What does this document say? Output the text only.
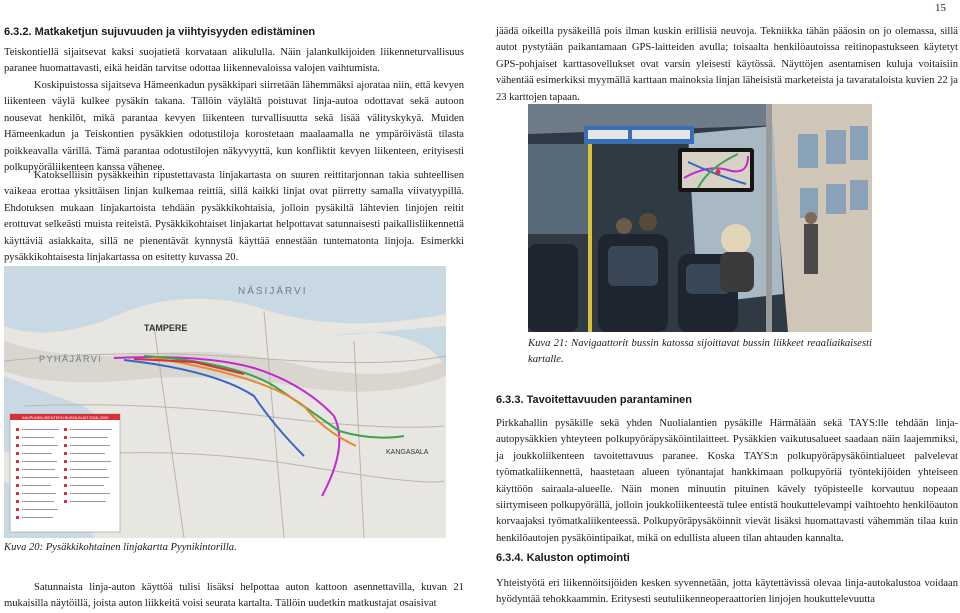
15
6.3.2. Matkaketjun sujuvuuden ja viihtyisyyden edistäminen

Teiskontiellä sijaitsevat kaksi suojatietä korvataan alikululla. Näin jalankulkijoiden liikenneturvallisuus paranee huomattavasti, eikä heidän tarvitse odottaa liikennevaloissa valojen vaihtumista.

Koskipuistossa sijaitseva Hämeenkadun pysäkkipari siirretään lähemmäksi ajorataa niin, että kevyen liikenteen väylä kulkee pysäkin takana. Tällöin väylältä poistuvat linja-autoa odottavat sekä autoon nousevat henkilöt, mikä parantaa kevyen liikenteen turvallisuutta sekä lisää välityskykyä. Muiden Hämeenkadun ja Teiskontien pysäkkien odotustiloja korostetaan maalaamalla ne ympäröivästä tilasta poikkeavalla värillä. Tämä parantaa odotustilojen näkyvyyttä, kun konfliktit kevyen liikenteen, erityisesti polkupyöräliikenteen kanssa vähenee.

Katokselliisin pysäkkeihin ripustettavasta linjakartasta on suuren reittitarjonnan takia suhteellisen vaikeaa erottaa yksittäisen linjan kulkemaa reittiä, sillä kaikki linjat ovat piirretty samalla viivatyypillä. Ehdotuksen mukaan linjakartoista tehdään pysäkkikohtaisia, jolloin pysäkiltä lähtevien linjojen reitit erottuvat selkeästi muista reiteistä. Pysäkkikohtaiset linjakartat helpottavat satunnaisesti paikallisliikennettä käyttäviä asiakkaita, sillä ne pienentävät kynnystä käyttää ennestään tuntematonta linjoja. Esimerkki pysäkkikohtaisesta linjakartassa on esitetty kuvassa 20.

NÄSIJÄRVI
TAMPERE
PYHÄJÄRVI
KANGASALA
KAUPUNKILIIKENTEEN BUSSILINJAT 2008–2009

Kuva 20: Pysäkkikohtainen linjakartta Pyynikintorilla.

Satunnaista linja-auton käyttöä tulisi lisäksi helpottaa auton kattoon asennettavilla, kuvan 21 mukaisilla näytöillä, joista auton liikkeitä voisi seurata kartalta. Tällöin uudetkin matkustajat osaisivat

jäädä oikeilla pysäkeillä pois ilman kuskin erillisiä neuvoja. Tekniikka tähän pääosin on jo olemassa, sillä autot pystytään paikantamaan GPS-laitteiden avulla; toisaalta henkilöautoissa reitinopastukseen käytetyt GPS-pohjaiset karttasovellukset ovat varsin yleisesti käytössä. Näyttöjen asentamisen kuluja voitaisiin vähentää esimerkiksi myymällä karttaan mainoksia linjan läheisistä marketeista ja tavarataloista kuvien 22 ja 23 karttojen tapaan.

Kuva 21: Navigaattorit bussin katossa sijoittavat bussin liikkeet reaaliaikaisesti kartalle.

6.3.3. Tavoitettavuuden parantaminen

Pirkkahallin pysäkille sekä yhden Nuolialantien pysäkille Härmälään sekä TAYS:lle tehdään linja-autopysäkkien yhteyteen polkupyöräpysäköintilaitteet. Pysäkkien vaikutusalueet saadaan näin laajemmiksi, ja joukkoliikenteen tavoitettavuus paranee. Koska TAYS:n polkupyöräpysäköintialueet palvelevat työmatkaliikennettä, haastetaan alueen työnantajat hankkimaan polkupyöriä työntekijöiden yhteiseen käyttöön sairaala-alueelle. Näin monen minuutin pituinen kävely työpisteelle korvautuu nopeaan siirtymiseen polkupyörällä, jolloin joukkoliikenteestä tulee entistä houkuttelevampi vaihtoehto henkilöauton korvaajaksi työmatkaliikenteessä. Polkupyöräpysäköinnit vievät lisäksi huomattavasti vähemmän tilaa kuin henkilöautojen pysäköintipaikat, mikä on edullista alueen tilan ahtauden kannalta.

6.3.4. Kaluston optimointi

Yhteistyötä eri liikennöitsijöiden kesken syvennetään, jotta käytettävissä olevaa linja-autokalustoa voidaan hyödyntää tehokkaammin. Eritysesti seutuliikenneoperaattorien linjojen houkuttelevuutta
